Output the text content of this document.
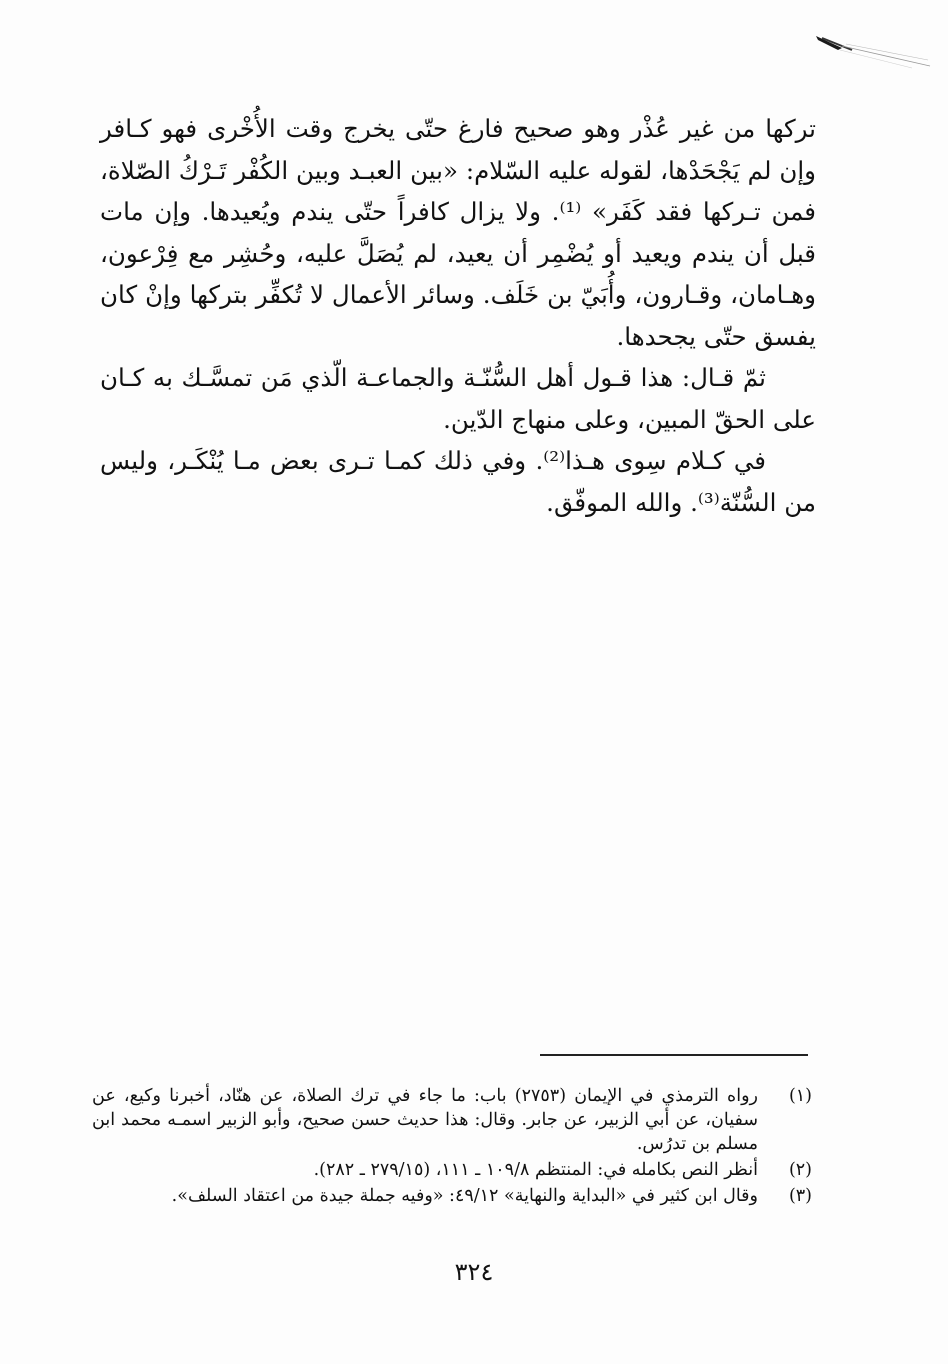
تركها من غير عُذْر وهو صحيح فارغ حتّى يخرج وقت الأُخْرى فهو كـافر وإن لم يَجْحَدْها، لقوله عليه السّلام: «بين العبـد وبين الكُفْر تَـرْكُ الصّلاة، فمن تـركها فقد كَفَر» ⁽¹⁾. ولا يزال كافراً حتّى يندم ويُعيدها. وإن مات قبل أن يندم ويعيد أو يُضْمِر أن يعيد، لم يُصَلَّ عليه، وحُشِر مع فِرْعون، وهـامان، وقـارون، وأُبَيّ بن خَلَف. وسائر الأعمال لا تُكفِّر بتركها وإنْ كان يفسق حتّى يجحدها.

ثمّ قـال: هذا قـول أهل السُّنّـة والجماعـة الّذي مَن تمسَّـك به كـان على الحقّ المبين، وعلى منهاج الدّين.

في كـلام سِوى هـذا⁽²⁾. وفي ذلك كمـا تـرى بعض مـا يُنْكَـر، وليس من السُّنّة⁽³⁾. والله الموفّق.

(١)
رواه الترمذي في الإيمان (٢٧٥٣) باب: ما جاء في ترك الصلاة، عن هنّاد، أخبرنا وكيع، عن سفيان، عن أبي الزبير، عن جابر. وقال: هذا حديث حسن صحيح، وأبو الزبير اسمـه محمد ابن مسلم بن تدرُس.
(٢)
أنظر النص بكامله في: المنتظم ١٠٩/٨ ـ ١١١، (٢٧٩/١٥ ـ ٢٨٢).
(٣)
وقال ابن كثير في «البداية والنهاية» ٤٩/١٢: «وفيه جملة جيدة من اعتقاد السلف».
٣٢٤
